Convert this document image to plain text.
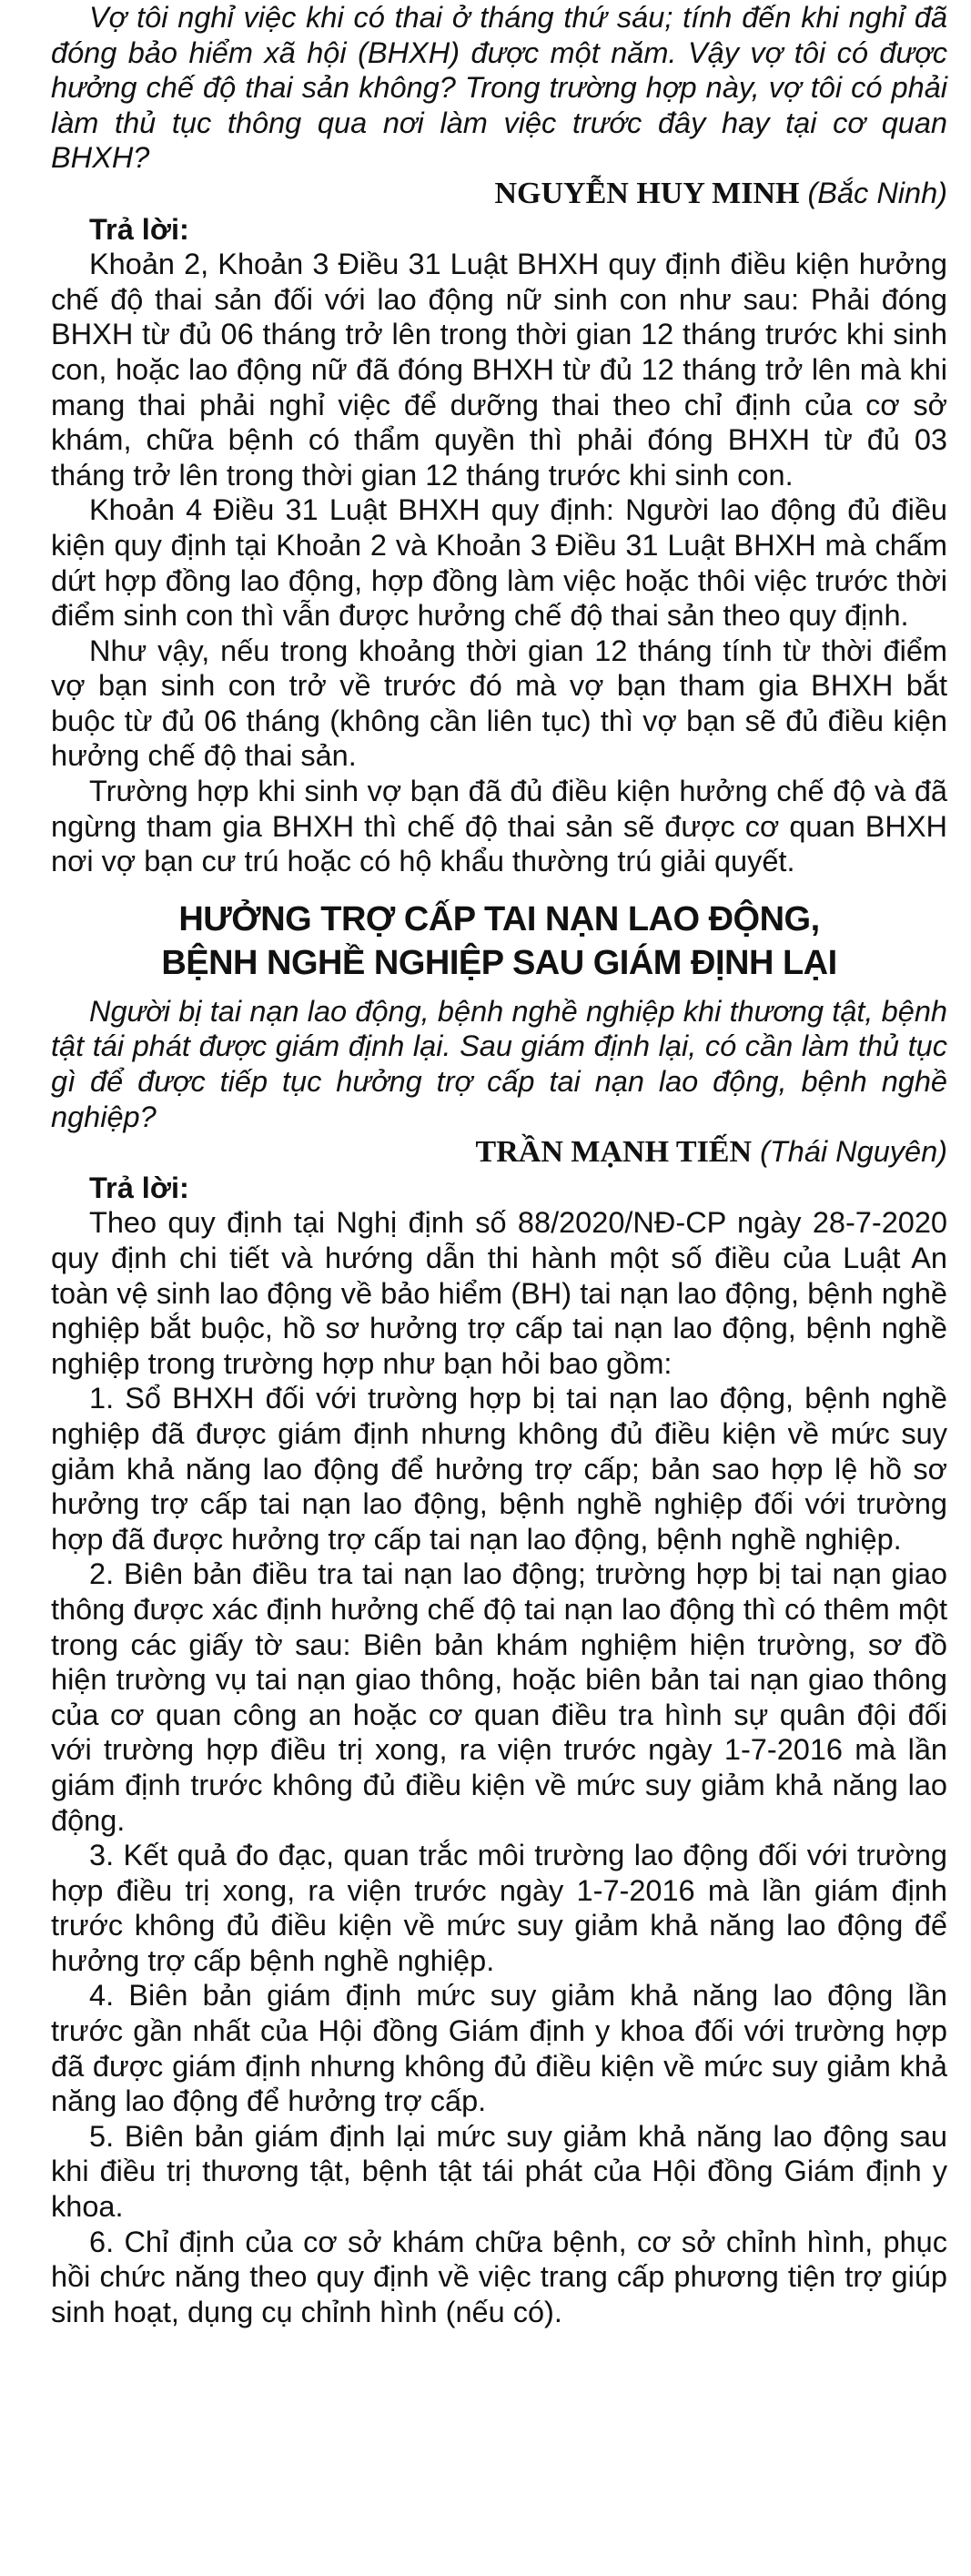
Vợ tôi nghỉ việc khi có thai ở tháng thứ sáu; tính đến khi nghỉ đã đóng bảo hiểm xã hội (BHXH) được một năm. Vậy vợ tôi có được hưởng chế độ thai sản không? Trong trường hợp này, vợ tôi có phải làm thủ tục thông qua nơi làm việc trước đây hay tại cơ quan BHXH?

NGUYỄN HUY MINH (Bắc Ninh)

Trả lời:

Khoản 2, Khoản 3 Điều 31 Luật BHXH quy định điều kiện hưởng chế độ thai sản đối với lao động nữ sinh con như sau: Phải đóng BHXH từ đủ 06 tháng trở lên trong thời gian 12 tháng trước khi sinh con, hoặc lao động nữ đã đóng BHXH từ đủ 12 tháng trở lên mà khi mang thai phải nghỉ việc để dưỡng thai theo chỉ định của cơ sở khám, chữa bệnh có thẩm quyền thì phải đóng BHXH từ đủ 03 tháng trở lên trong thời gian 12 tháng trước khi sinh con.

Khoản 4 Điều 31 Luật BHXH quy định: Người lao động đủ điều kiện quy định tại Khoản 2 và Khoản 3 Điều 31 Luật BHXH mà chấm dứt hợp đồng lao động, hợp đồng làm việc hoặc thôi việc trước thời điểm sinh con thì vẫn được hưởng chế độ thai sản theo quy định.

Như vậy, nếu trong khoảng thời gian 12 tháng tính từ thời điểm vợ bạn sinh con trở về trước đó mà vợ bạn tham gia BHXH bắt buộc từ đủ 06 tháng (không cần liên tục) thì vợ bạn sẽ đủ điều kiện hưởng chế độ thai sản.

Trường hợp khi sinh vợ bạn đã đủ điều kiện hưởng chế độ và đã ngừng tham gia BHXH thì chế độ thai sản sẽ được cơ quan BHXH nơi vợ bạn cư trú hoặc có hộ khẩu thường trú giải quyết.

HƯỞNG TRỢ CẤP TAI NẠN LAO ĐỘNG,
BỆNH NGHỀ NGHIỆP SAU GIÁM ĐỊNH LẠI

Người bị tai nạn lao động, bệnh nghề nghiệp khi thương tật, bệnh tật tái phát được giám định lại. Sau giám định lại, có cần làm thủ tục gì để được tiếp tục hưởng trợ cấp tai nạn lao động, bệnh nghề nghiệp?

TRẦN MẠNH TIẾN (Thái Nguyên)

Trả lời:

Theo quy định tại Nghị định số 88/2020/NĐ-CP ngày 28-7-2020 quy định chi tiết và hướng dẫn thi hành một số điều của Luật An toàn vệ sinh lao động về bảo hiểm (BH) tai nạn lao động, bệnh nghề nghiệp bắt buộc, hồ sơ hưởng trợ cấp tai nạn lao động, bệnh nghề nghiệp trong trường hợp như bạn hỏi bao gồm:

1. Sổ BHXH đối với trường hợp bị tai nạn lao động, bệnh nghề nghiệp đã được giám định nhưng không đủ điều kiện về mức suy giảm khả năng lao động để hưởng trợ cấp; bản sao hợp lệ hồ sơ hưởng trợ cấp tai nạn lao động, bệnh nghề nghiệp đối với trường hợp đã được hưởng trợ cấp tai nạn lao động, bệnh nghề nghiệp.

2. Biên bản điều tra tai nạn lao động; trường hợp bị tai nạn giao thông được xác định hưởng chế độ tai nạn lao động thì có thêm một trong các giấy tờ sau: Biên bản khám nghiệm hiện trường, sơ đồ hiện trường vụ tai nạn giao thông, hoặc biên bản tai nạn giao thông của cơ quan công an hoặc cơ quan điều tra hình sự quân đội đối với trường hợp điều trị xong, ra viện trước ngày 1-7-2016 mà lần giám định trước không đủ điều kiện về mức suy giảm khả năng lao động.

3. Kết quả đo đạc, quan trắc môi trường lao động đối với trường hợp điều trị xong, ra viện trước ngày 1-7-2016 mà lần giám định trước không đủ điều kiện về mức suy giảm khả năng lao động để hưởng trợ cấp bệnh nghề nghiệp.

4. Biên bản giám định mức suy giảm khả năng lao động lần trước gần nhất của Hội đồng Giám định y khoa đối với trường hợp đã được giám định nhưng không đủ điều kiện về mức suy giảm khả năng lao động để hưởng trợ cấp.

5. Biên bản giám định lại mức suy giảm khả năng lao động sau khi điều trị thương tật, bệnh tật tái phát của Hội đồng Giám định y khoa.

6. Chỉ định của cơ sở khám chữa bệnh, cơ sở chỉnh hình, phục hồi chức năng theo quy định về việc trang cấp phương tiện trợ giúp sinh hoạt, dụng cụ chỉnh hình (nếu có).
